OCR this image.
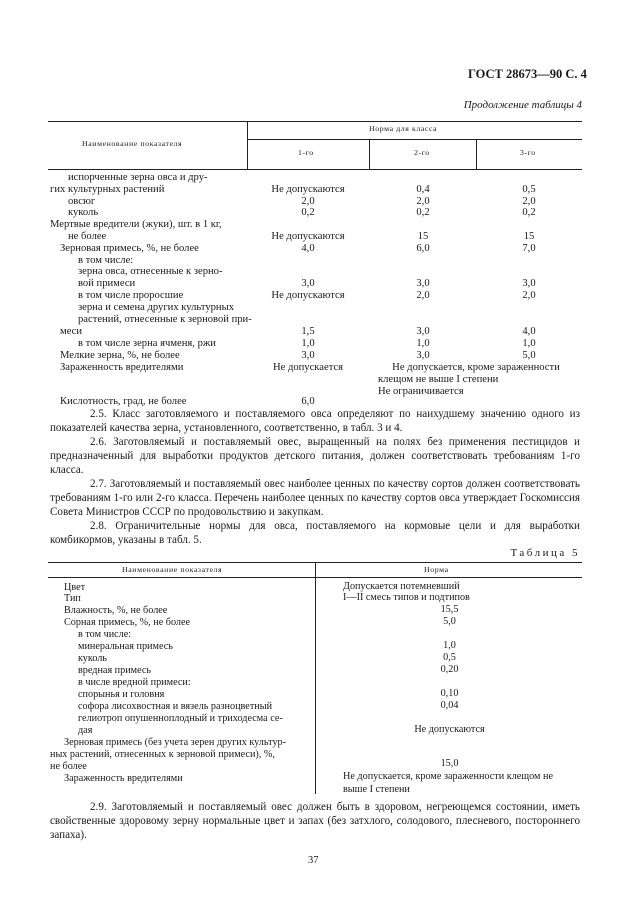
ГОСТ 28673—90 С. 4
Продолжение таблицы 4
Наименование показателя
Норма для класса
1-го	2-го	3-го
испорченные зерна овса и дру-
гих культурных растений	Не допускаются	0,4	0,5
овсюг	2,0	2,0	2,0
куколь	0,2	0,2	0,2
Мертвые вредители (жуки), шт. в 1 кг,
не более	Не допускаются	15	15
Зерновая примесь, %, не более	4,0	6,0	7,0
в том числе:
зерна овса, отнесенные к зерно-
вой примеси	3,0	3,0	3,0
в том числе проросшие	Не допускаются	2,0	2,0
зерна и семена других культурных
растений, отнесенные к зерновой при-
меси	1,5	3,0	4,0
в том числе зерна ячменя, ржи	1,0	1,0	1,0
Мелкие зерна, %, не более	3,0	3,0	5,0
Зараженность вредителями	Не допускается	Не допускается, кроме зараженности
клещом не выше I степени
Не ограничивается
Кислотность, град, не более	6,0
2.5. Класс заготовляемого и поставляемого овса определяют по наихудшему значению одного из показателей качества зерна, установленного, соответственно, в табл. 3 и 4.
2.6. Заготовляемый и поставляемый овес, выращенный на полях без применения пестицидов и предназначенный для выработки продуктов детского питания, должен соответствовать требованиям 1-го класса.
2.7. Заготовляемый и поставляемый овес наиболее ценных по качеству сортов должен соответствовать требованиям 1-го или 2-го класса. Перечень наиболее ценных по качеству сортов овса утверждает Госкомиссия Совета Министров СССР по продовольствию и закупкам.
2.8. Ограничительные нормы для овса, поставляемого на кормовые цели и для выработки комбикормов, указаны в табл. 5.
Таблица 5
Наименование показателя	Норма
Цвет	Допускается потемневший
Тип	I—II смесь типов и подтипов
Влажность, %, не более	15,5
Сорная примесь, %, не более	5,0
в том числе:
минеральная примесь	1,0
куколь	0,5
вредная примесь	0,20
в числе вредной примеси:
спорынья и головня	0,10
софора лисохвостная и вязель разноцветный	0,04
гелиотроп опушенноплодный и триходесма се-
дая	Не допускаются
Зерновая примесь (без учета зерен других культур-
ных растений, отнесенных к зерновой примеси), %,
не более	15,0
Зараженность вредителями	Не допускается, кроме зараженности клещом не
выше I степени
2.9. Заготовляемый и поставляемый овес должен быть в здоровом, негреющемся состоянии, иметь свойственные здоровому зерну нормальные цвет и запах (без затхлого, солодового, плесневого, постороннего запаха).
37
